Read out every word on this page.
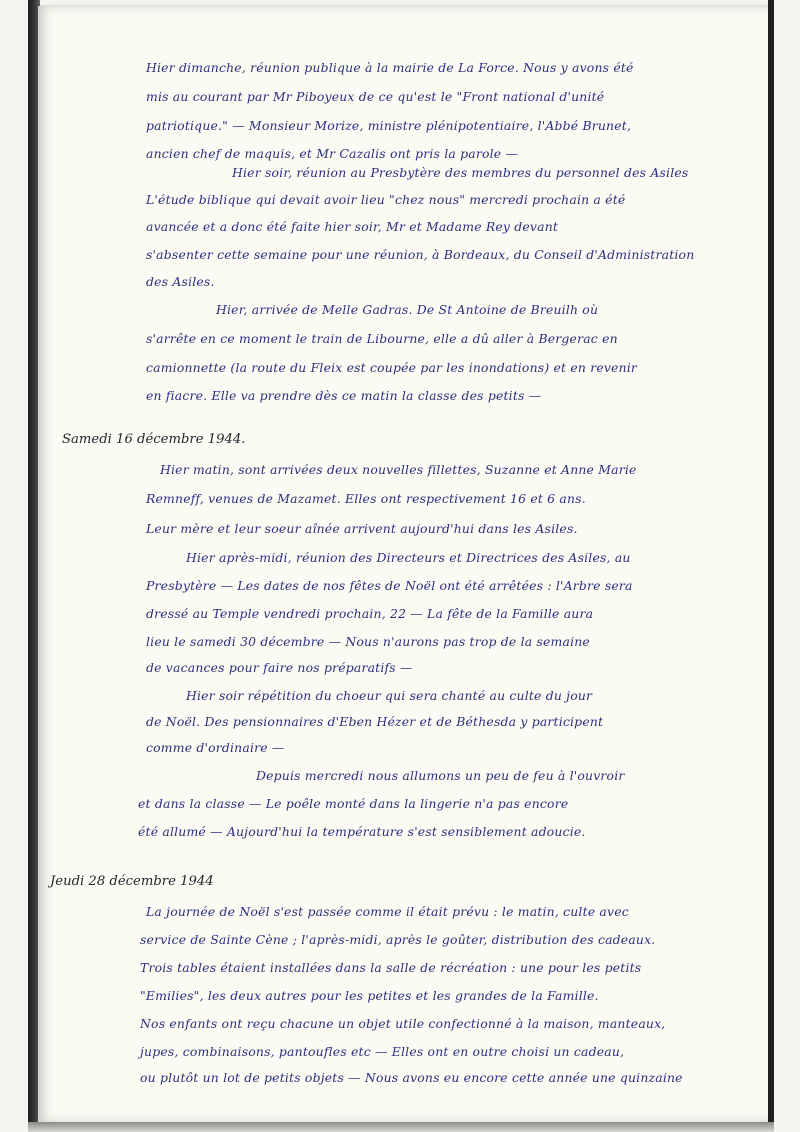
Hier dimanche, réunion publique à la mairie de La Force. Nous y avons été
mis au courant par Mr Piboyeux de ce qu'est le "Front national d'unité
patriotique." — Monsieur Morize, ministre plénipotentiaire, l'Abbé Brunet,
ancien chef de maquis, et Mr Cazalis ont pris la parole —
Hier soir, réunion au Presbytère des membres du personnel des Asiles
L'étude biblique qui devait avoir lieu "chez nous" mercredi prochain a été
avancée et a donc été faite hier soir, Mr et Madame Rey devant
s'absenter cette semaine pour une réunion, à Bordeaux, du Conseil d'Administration
des Asiles.
Hier, arrivée de Melle Gadras. De St Antoine de Breuilh où
s'arrête en ce moment le train de Libourne, elle a dû aller à Bergerac en
camionnette (la route du Fleix est coupée par les inondations) et en revenir
en fiacre. Elle va prendre dès ce matin la classe des petits —
Samedi 16 décembre 1944.
Hier matin, sont arrivées deux nouvelles fillettes, Suzanne et Anne Marie
Remneff, venues de Mazamet. Elles ont respectivement 16 et 6 ans.
Leur mère et leur soeur aînée arrivent aujourd'hui dans les Asiles.
Hier après-midi, réunion des Directeurs et Directrices des Asiles, au
Presbytère — Les dates de nos fêtes de Noël ont été arrêtées : l'Arbre sera
dressé au Temple vendredi prochain, 22 — La fête de la Famille aura
lieu le samedi 30 décembre — Nous n'aurons pas trop de la semaine
de vacances pour faire nos préparatifs —
Hier soir répétition du choeur qui sera chanté au culte du jour
de Noël. Des pensionnaires d'Eben Hézer et de Béthesda y participent
comme d'ordinaire —
Depuis mercredi nous allumons un peu de feu à l'ouvroir
et dans la classe — Le poêle monté dans la lingerie n'a pas encore
été allumé — Aujourd'hui la température s'est sensiblement adoucie.
Jeudi 28 décembre 1944
La journée de Noël s'est passée comme il était prévu : le matin, culte avec
service de Sainte Cène ; l'après-midi, après le goûter, distribution des cadeaux.
Trois tables étaient installées dans la salle de récréation : une pour les petits
"Emilies", les deux autres pour les petites et les grandes de la Famille.
Nos enfants ont reçu chacune un objet utile confectionné à la maison, manteaux,
jupes, combinaisons, pantoufles etc — Elles ont en outre choisi un cadeau,
ou plutôt un lot de petits objets — Nous avons eu encore cette année une quinzaine
